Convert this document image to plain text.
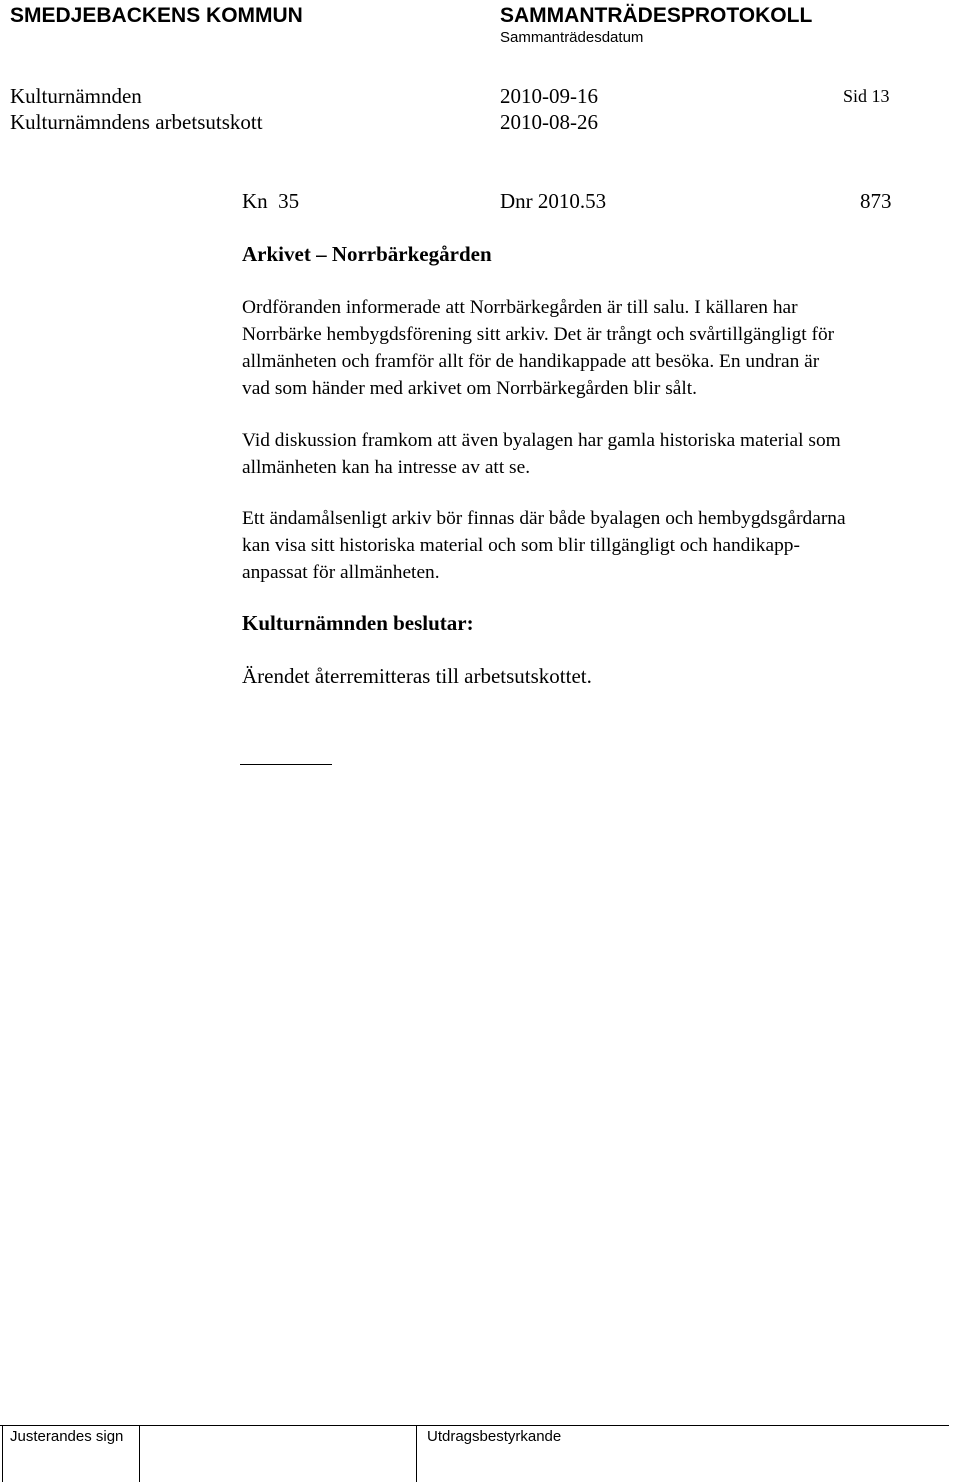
SMEDJEBACKENS KOMMUN	SAMMANTRÄDESPROTOKOLL
Sammanträdesdatum
Kulturnämnden	2010-09-16	Sid 13
Kulturnämndens arbetsutskott	2010-08-26
Kn  35	Dnr 2010.53	873
Arkivet – Norrbärkegården
Ordföranden informerade att Norrbärkegården är till salu. I källaren har
Norrbärke hembygdsförening sitt arkiv. Det är trångt och svårtillgängligt för
allmänheten och framför allt för de handikappade att besöka. En undran är
vad som händer med arkivet om Norrbärkegården blir sålt.
Vid diskussion framkom att även byalagen har gamla historiska material som
allmänheten kan ha intresse av att se.
Ett ändamålsenligt arkiv bör finnas där både byalagen och hembygdsgårdarna
kan visa sitt historiska material och som blir tillgängligt och handikapp-
anpassat för allmänheten.
Kulturnämnden beslutar:
Ärendet återremitteras till arbetsutskottet.
Justerandes sign	Utdragsbestyrkande
